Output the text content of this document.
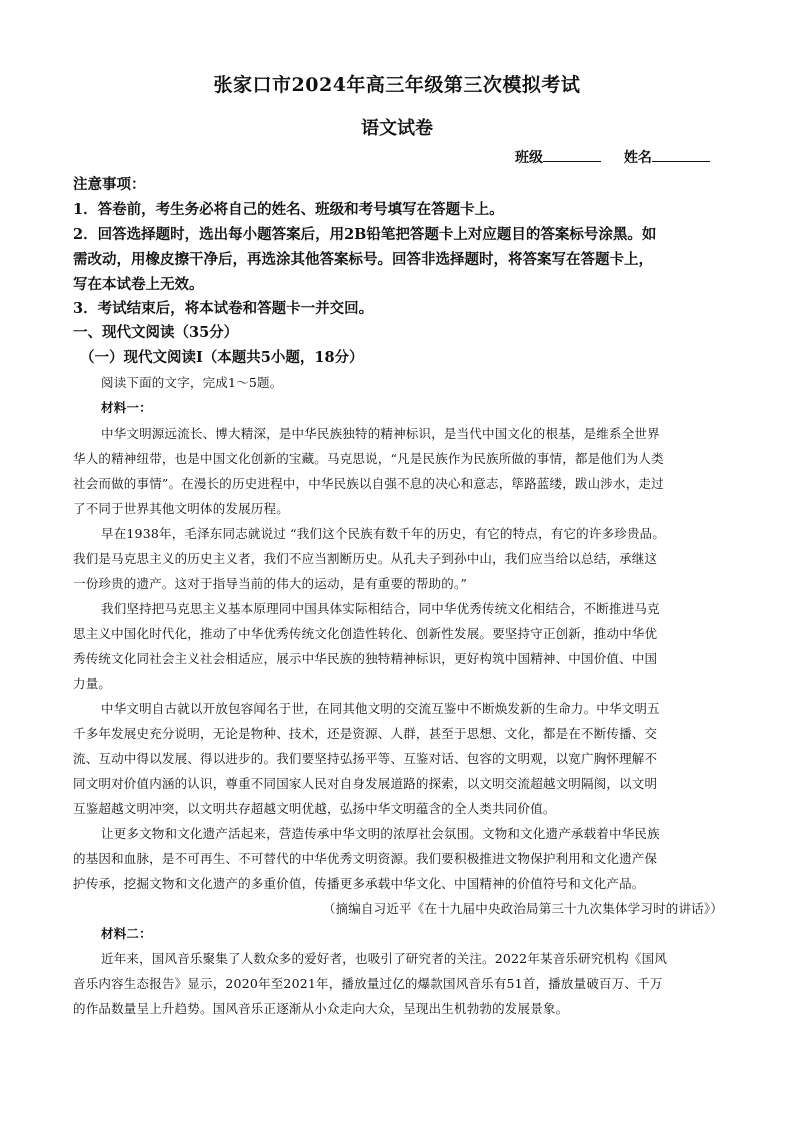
张家口市2024年高三年级第三次模拟考试
语文试卷
班级	姓名
注意事项：
1．答卷前，考生务必将自己的姓名、班级和考号填写在答题卡上。
2．回答选择题时，选出每小题答案后，用2B铅笔把答题卡上对应题目的答案标号涂黑。如
需改动，用橡皮擦干净后，再选涂其他答案标号。回答非选择题时，将答案写在答题卡上，
写在本试卷上无效。
3．考试结束后，将本试卷和答题卡一并交回。
一、现代文阅读（35分）
（一）现代文阅读Ⅰ（本题共5小题，18分）
阅读下面的文字，完成1～5题。
材料一：
中华文明源远流长、博大精深，是中华民族独特的精神标识，是当代中国文化的根基，是维系全世界
华人的精神纽带，也是中国文化创新的宝藏。马克思说，“凡是民族作为民族所做的事情，都是他们为人类
社会而做的事情”。在漫长的历史进程中，中华民族以自强不息的决心和意志，筚路蓝缕，跋山涉水，走过
了不同于世界其他文明体的发展历程。
早在1938年，毛泽东同志就说过 “我们这个民族有数千年的历史，有它的特点，有它的许多珍贵品。
我们是马克思主义的历史主义者，我们不应当割断历史。从孔夫子到孙中山，我们应当给以总结，承继这
一份珍贵的遗产。这对于指导当前的伟大的运动，是有重要的帮助的。”
我们坚持把马克思主义基本原理同中国具体实际相结合，同中华优秀传统文化相结合，不断推进马克
思主义中国化时代化，推动了中华优秀传统文化创造性转化、创新性发展。要坚持守正创新，推动中华优
秀传统文化同社会主义社会相适应，展示中华民族的独特精神标识，更好构筑中国精神、中国价值、中国
力量。
中华文明自古就以开放包容闻名于世，在同其他文明的交流互鉴中不断焕发新的生命力。中华文明五
千多年发展史充分说明，无论是物种、技术，还是资源、人群，甚至于思想、文化，都是在不断传播、交
流、互动中得以发展、得以进步的。我们要坚持弘扬平等、互鉴对话、包容的文明观，以宽广胸怀理解不
同文明对价值内涵的认识，尊重不同国家人民对自身发展道路的探索，以文明交流超越文明隔阂，以文明
互鉴超越文明冲突，以文明共存超越文明优越，弘扬中华文明蕴含的全人类共同价值。
让更多文物和文化遗产活起来，营造传承中华文明的浓厚社会氛围。文物和文化遗产承载着中华民族
的基因和血脉，是不可再生、不可替代的中华优秀文明资源。我们要积极推进文物保护利用和文化遗产保
护传承，挖掘文物和文化遗产的多重价值，传播更多承载中华文化、中国精神的价值符号和文化产品。
（摘编自习近平《在十九届中央政治局第三十九次集体学习时的讲话》）
材料二：
近年来，国风音乐聚集了人数众多的爱好者，也吸引了研究者的关注。2022年某音乐研究机构《国风
音乐内容生态报告》显示，2020年至2021年，播放量过亿的爆款国风音乐有51首，播放量破百万、千万
的作品数量呈上升趋势。国风音乐正逐渐从小众走向大众，呈现出生机勃勃的发展景象。
